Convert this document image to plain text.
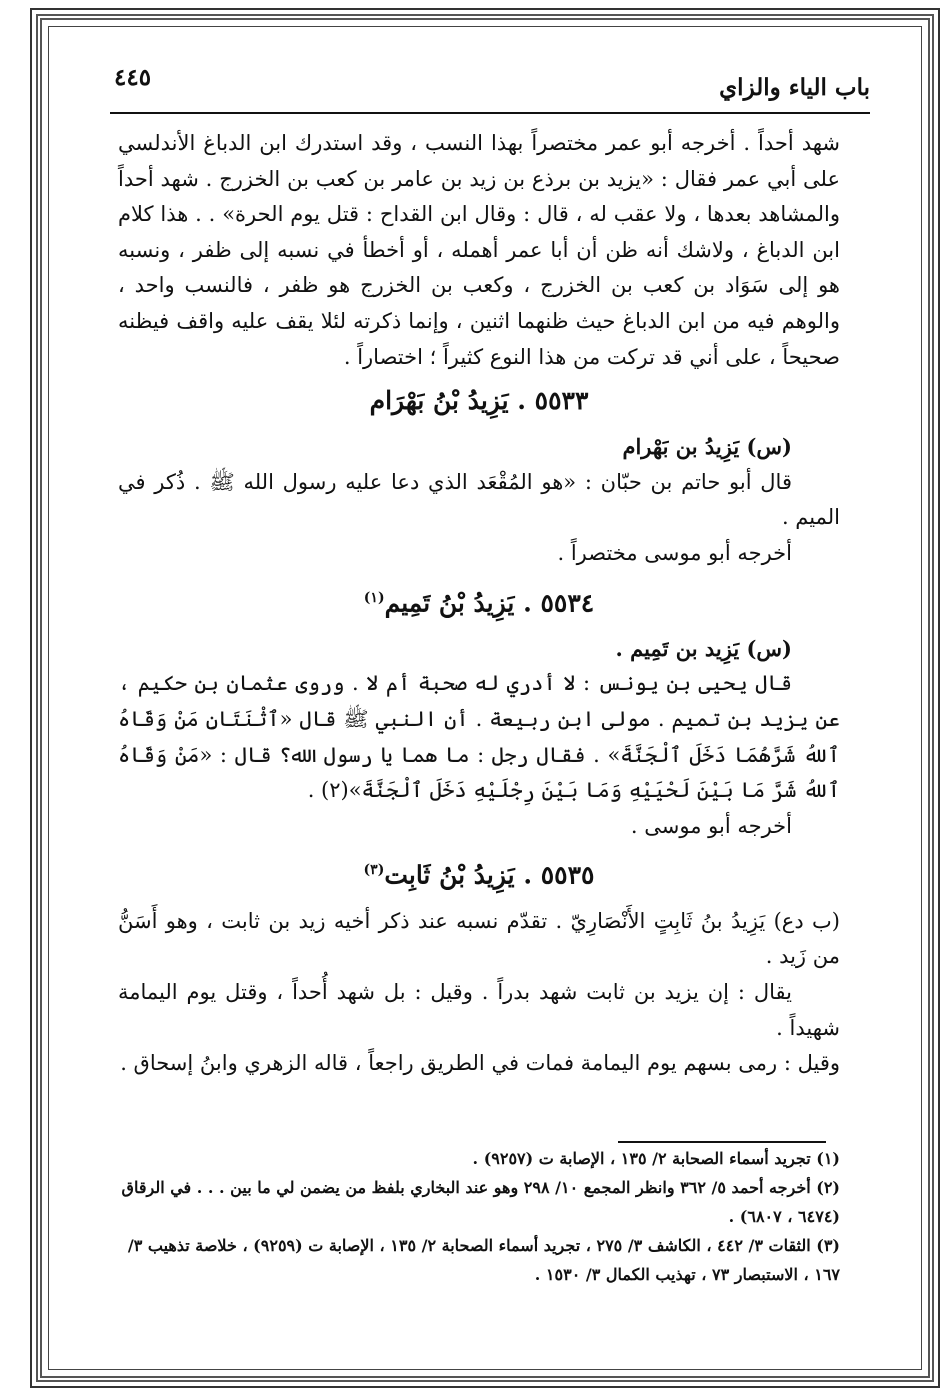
باب الياء والزاي
٤٤٥

شهد أحداً . أخرجه أبو عمر مختصراً بهذا النسب ، وقد استدرك ابن الدباغ الأندلسي على أبي عمر فقال : «يزيد بن برذع بن زيد بن عامر بن كعب بن الخزرج . شهد أحداً والمشاهد بعدها ، ولا عقب له ، قال : وقال ابن القداح : قتل يوم الحرة» . . هذا كلام ابن الدباغ ، ولاشك أنه ظن أن أبا عمر أهمله ، أو أخطأ في نسبه إلى ظفر ، ونسبه هو إلى سَوَاد بن كعب بن الخزرج ، وكعب بن الخزرج هو ظفر ، فالنسب واحد ، والوهم فيه من ابن الدباغ حيث ظنهما اثنين ، وإنما ذكرته لئلا يقف عليه واقف فيظنه صحيحاً ، على أني قد تركت من هذا النوع كثيراً ؛ اختصاراً .

٥٥٣٣ . يَزِيدُ بْنُ بَهْرَام

(س) يَزِيدُ بن بَهْرام

قال أبو حاتم بن حبّان : «هو المُقْعَد الذي دعا عليه رسول الله ﷺ . ذُكر في الميم .

أخرجه أبو موسى مختصراً .

٥٥٣٤ . يَزِيدُ بْنُ تَمِيم$^{(١)}$

(س) يَزِيد بن تَمِيم .

قال يحيى بن يونس : لا أدري له صحبة أم لا . وروى عثمان بن حكيم ، عن يزيد بن تميم . مولى ابن ربيعة . أن النبي ﷺ قال «ٱثْنَتَانِ مَنْ وَقَاهُ ٱللهُ شَرَّهُمَا دَخَلَ ٱلْجَنَّةَ» . فقال رجل : ما هما يا رسول الله؟ قال : «مَنْ وَقَاهُ ٱللهُ شَرَّ مَا بَيْنَ لَحْيَيْهِ وَمَا بَيْنَ رِجْلَيْهِ دَخَلَ ٱلْجَنَّةَ»(٢) .

أخرجه أبو موسى .

٥٥٣٥ . يَزِيدُ بْنُ ثَابِت$^{(٣)}$

(ب دع) يَزِيدُ بنُ ثَابِتٍ الأَنْصَارِيّ . تقدّم نسبه عند ذكر أخيه زيد بن ثابت ، وهو أَسَنُّ من زَيد .

يقال : إن يزيد بن ثابت شهد بدراً . وقيل : بل شهد أُحداً ، وقتل يوم اليمامة شهيداً .

وقيل : رمى بسهم يوم اليمامة فمات في الطريق راجعاً ، قاله الزهري وابنُ إسحاق .

(١) تجريد أسماء الصحابة ٢/ ١٣٥ ، الإصابة ت (٩٢٥٧) .

(٢) أخرجه أحمد ٥/ ٣٦٢ وانظر المجمع ١٠/ ٢٩٨ وهو عند البخاري بلفظ من يضمن لي ما بين . . . في الرقاق (٦٤٧٤ ، ٦٨٠٧) .

(٣) الثقات ٣/ ٤٤٢ ، الكاشف ٣/ ٢٧٥ ، تجريد أسماء الصحابة ٢/ ١٣٥ ، الإصابة ت (٩٢٥٩) ، خلاصة تذهيب ٣/ ١٦٧ ، الاستبصار ٧٣ ، تهذيب الكمال ٣/ ١٥٣٠ .
